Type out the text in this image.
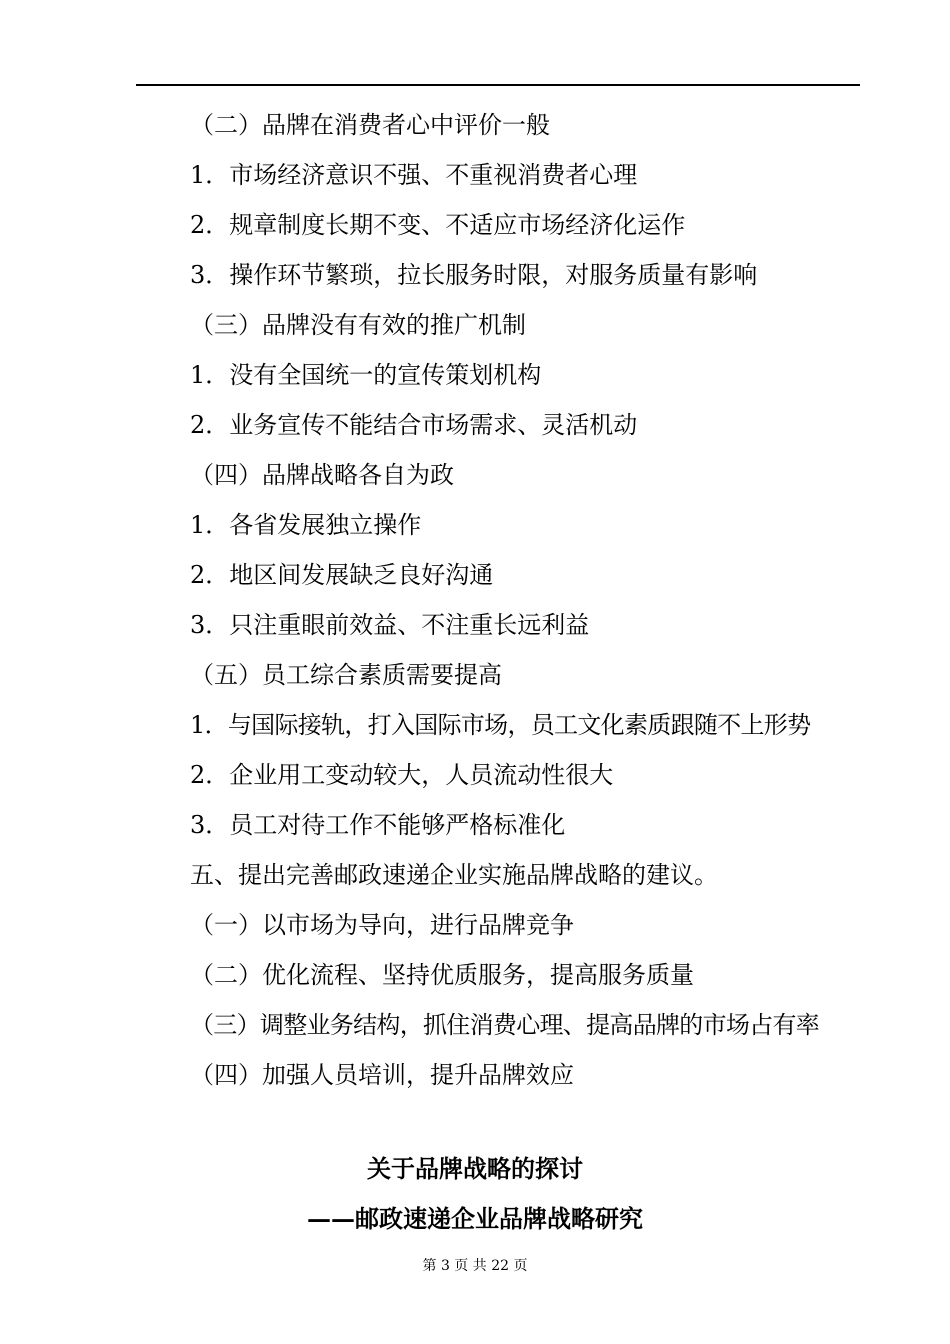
（二）品牌在消费者心中评价一般
1．市场经济意识不强、不重视消费者心理
2．规章制度长期不变、不适应市场经济化运作
3．操作环节繁琐，拉长服务时限，对服务质量有影响
（三）品牌没有有效的推广机制
1．没有全国统一的宣传策划机构
2．业务宣传不能结合市场需求、灵活机动
（四）品牌战略各自为政
1．各省发展独立操作
2．地区间发展缺乏良好沟通
3．只注重眼前效益、不注重长远利益
（五）员工综合素质需要提高
1．与国际接轨，打入国际市场，员工文化素质跟随不上形势
2．企业用工变动较大，人员流动性很大
3．员工对待工作不能够严格标准化
五、提出完善邮政速递企业实施品牌战略的建议。
（一）以市场为导向，进行品牌竞争
（二）优化流程、坚持优质服务，提高服务质量
（三）调整业务结构，抓住消费心理、提高品牌的市场占有率
（四）加强人员培训，提升品牌效应
关于品牌战略的探讨
——邮政速递企业品牌战略研究
第 3 页 共 22 页
